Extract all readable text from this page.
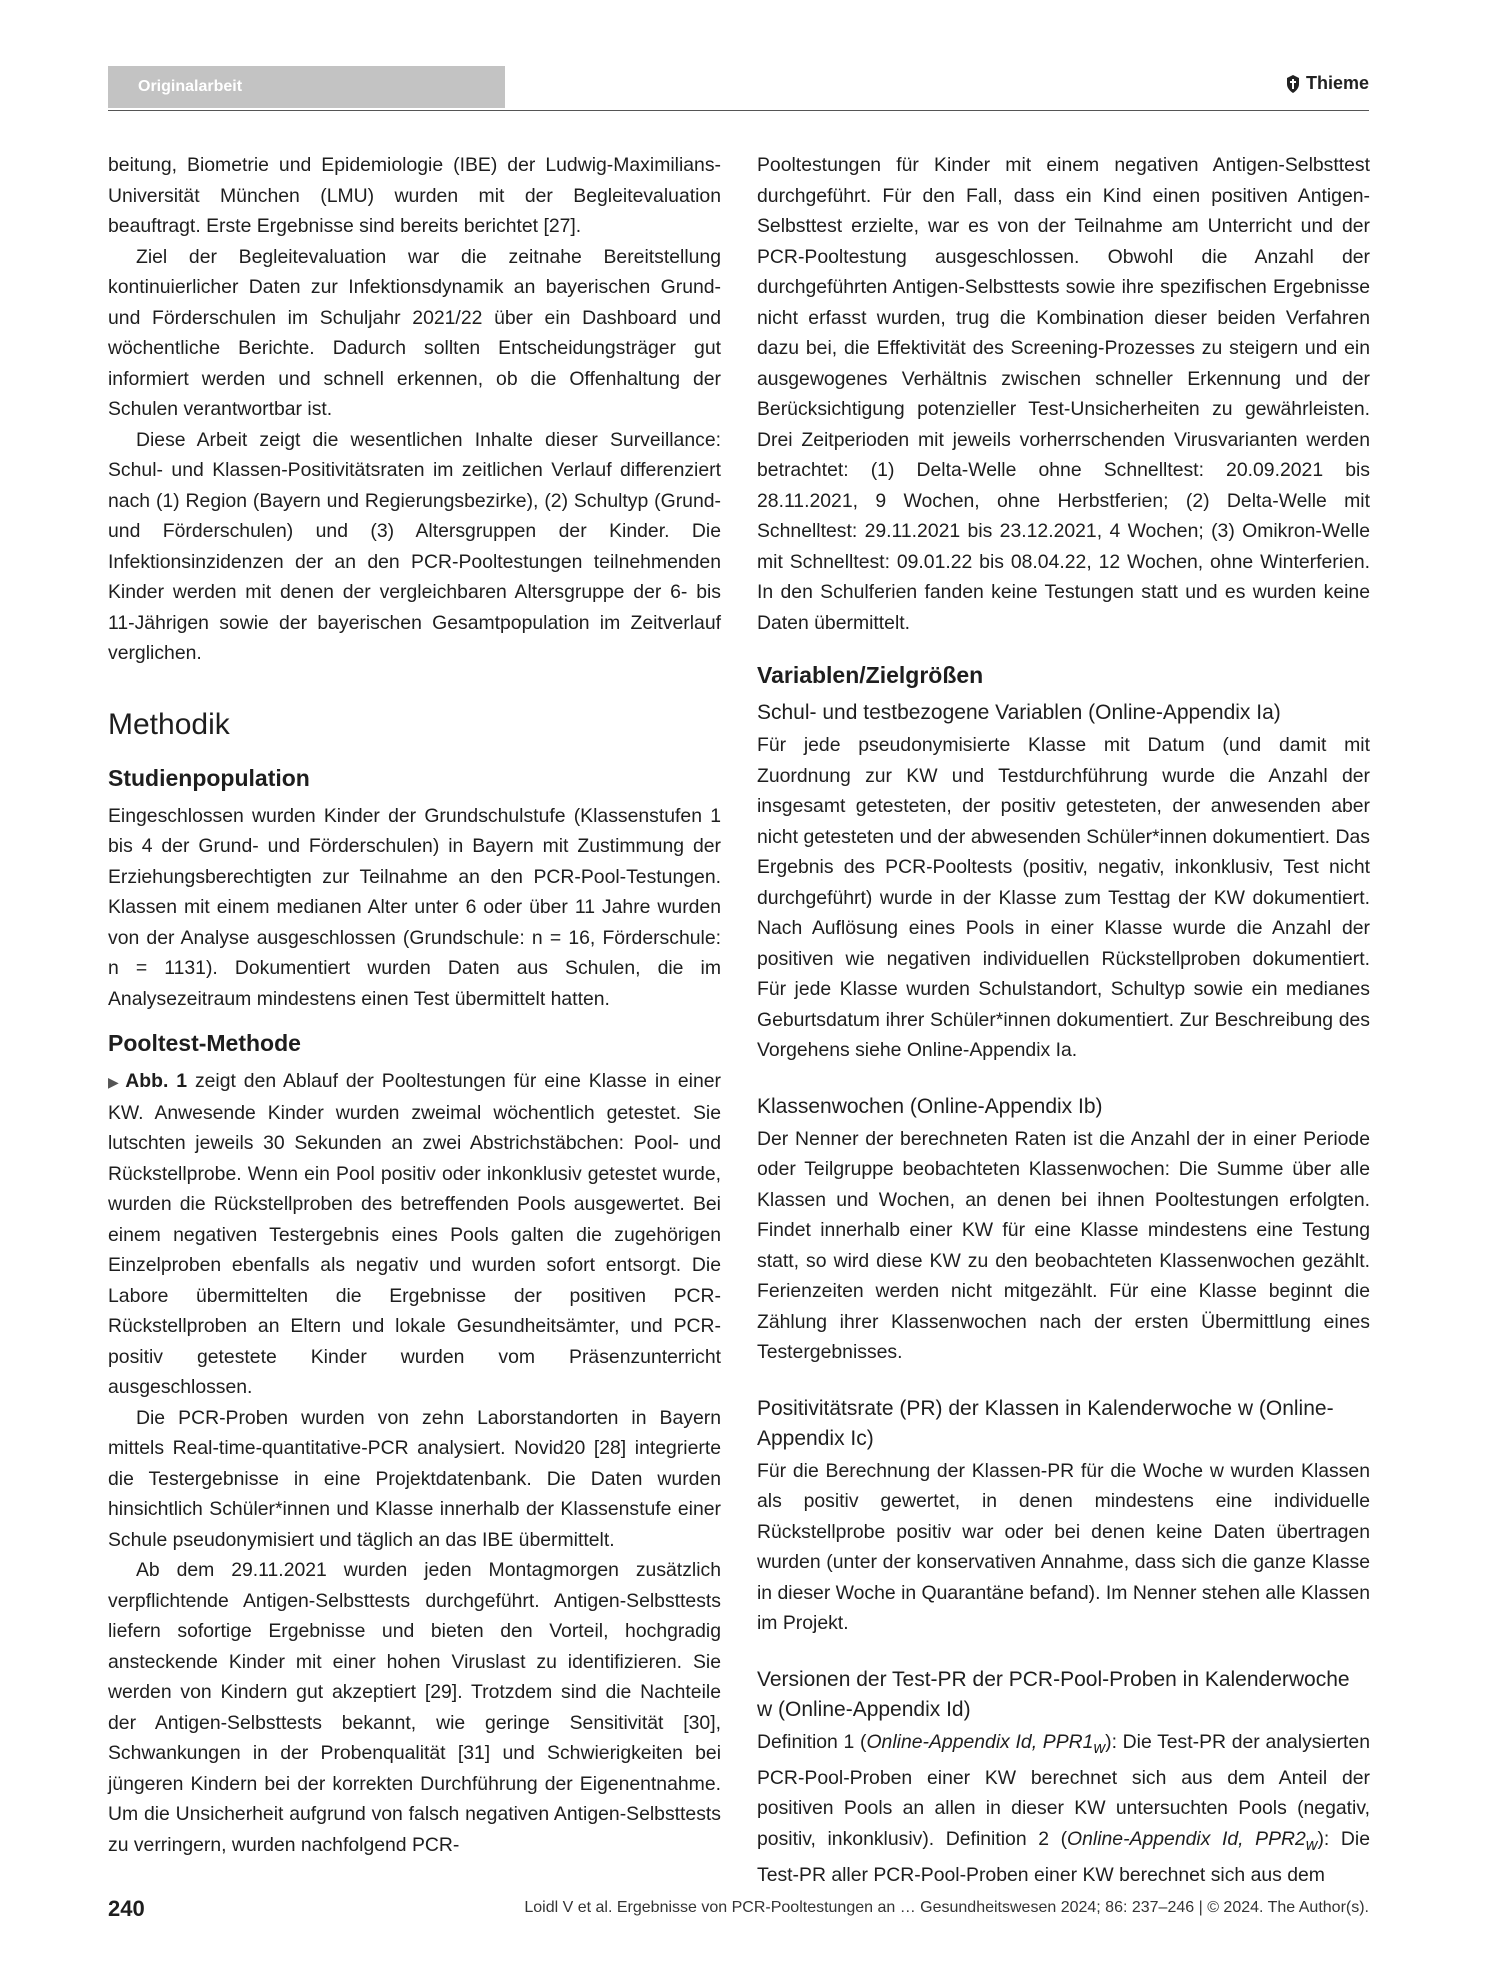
Originalarbeit	Thieme

beitung, Biometrie und Epidemiologie (IBE) der Ludwig-Maximilians-Universität München (LMU) wurden mit der Begleitevaluation beauftragt. Erste Ergebnisse sind bereits berichtet [27].

Ziel der Begleitevaluation war die zeitnahe Bereitstellung kontinuierlicher Daten zur Infektionsdynamik an bayerischen Grund- und Förderschulen im Schuljahr 2021/22 über ein Dashboard und wöchentliche Berichte. Dadurch sollten Entscheidungsträger gut informiert werden und schnell erkennen, ob die Offenhaltung der Schulen verantwortbar ist.

Diese Arbeit zeigt die wesentlichen Inhalte dieser Surveillance: Schul- und Klassen-Positivitätsraten im zeitlichen Verlauf differenziert nach (1) Region (Bayern und Regierungsbezirke), (2) Schultyp (Grund- und Förderschulen) und (3) Altersgruppen der Kinder. Die Infektionsinzidenzen der an den PCR-Pooltestungen teilnehmenden Kinder werden mit denen der vergleichbaren Altersgruppe der 6- bis 11-Jährigen sowie der bayerischen Gesamtpopulation im Zeitverlauf verglichen.

Methodik
Studienpopulation

Eingeschlossen wurden Kinder der Grundschulstufe (Klassenstufen 1 bis 4 der Grund- und Förderschulen) in Bayern mit Zustimmung der Erziehungsberechtigten zur Teilnahme an den PCR-Pool-Testungen. Klassen mit einem medianen Alter unter 6 oder über 11 Jahre wurden von der Analyse ausgeschlossen (Grundschule: n = 16, Förderschule: n = 1131). Dokumentiert wurden Daten aus Schulen, die im Analysezeitraum mindestens einen Test übermittelt hatten.

Pooltest-Methode

▶ Abb. 1 zeigt den Ablauf der Pooltestungen für eine Klasse in einer KW. Anwesende Kinder wurden zweimal wöchentlich getestet. Sie lutschten jeweils 30 Sekunden an zwei Abstrichstäbchen: Pool- und Rückstellprobe. Wenn ein Pool positiv oder inkonklusiv getestet wurde, wurden die Rückstellproben des betreffenden Pools ausgewertet. Bei einem negativen Testergebnis eines Pools galten die zugehörigen Einzelproben ebenfalls als negativ und wurden sofort entsorgt. Die Labore übermittelten die Ergebnisse der positiven PCR-Rückstellproben an Eltern und lokale Gesundheitsämter, und PCR-positiv getestete Kinder wurden vom Präsenzunterricht ausgeschlossen.

Die PCR-Proben wurden von zehn Laborstandorten in Bayern mittels Real-time-quantitative-PCR analysiert. Novid20 [28] integrierte die Testergebnisse in eine Projektdatenbank. Die Daten wurden hinsichtlich Schüler*innen und Klasse innerhalb der Klassenstufe einer Schule pseudonymisiert und täglich an das IBE übermittelt.

Ab dem 29.11.2021 wurden jeden Montagmorgen zusätzlich verpflichtende Antigen-Selbsttests durchgeführt. Antigen-Selbsttests liefern sofortige Ergebnisse und bieten den Vorteil, hochgradig ansteckende Kinder mit einer hohen Viruslast zu identifizieren. Sie werden von Kindern gut akzeptiert [29]. Trotzdem sind die Nachteile der Antigen-Selbsttests bekannt, wie geringe Sensitivität [30], Schwankungen in der Probenqualität [31] und Schwierigkeiten bei jüngeren Kindern bei der korrekten Durchführung der Eigenentnahme. Um die Unsicherheit aufgrund von falsch negativen Antigen-Selbsttests zu verringern, wurden nachfolgend PCR-

Pooltestungen für Kinder mit einem negativen Antigen-Selbsttest durchgeführt. Für den Fall, dass ein Kind einen positiven Antigen-Selbsttest erzielte, war es von der Teilnahme am Unterricht und der PCR-Pooltestung ausgeschlossen. Obwohl die Anzahl der durchgeführten Antigen-Selbsttests sowie ihre spezifischen Ergebnisse nicht erfasst wurden, trug die Kombination dieser beiden Verfahren dazu bei, die Effektivität des Screening-Prozesses zu steigern und ein ausgewogenes Verhältnis zwischen schneller Erkennung und der Berücksichtigung potenzieller Test-Unsicherheiten zu gewährleisten. Drei Zeitperioden mit jeweils vorherrschenden Virusvarianten werden betrachtet: (1) Delta-Welle ohne Schnelltest: 20.09.2021 bis 28.11.2021, 9 Wochen, ohne Herbstferien; (2) Delta-Welle mit Schnelltest: 29.11.2021 bis 23.12.2021, 4 Wochen; (3) Omikron-Welle mit Schnelltest: 09.01.22 bis 08.04.22, 12 Wochen, ohne Winterferien. In den Schulferien fanden keine Testungen statt und es wurden keine Daten übermittelt.

Variablen/Zielgrößen
Schul- und testbezogene Variablen (Online-Appendix Ia)

Für jede pseudonymisierte Klasse mit Datum (und damit mit Zuordnung zur KW und Testdurchführung wurde die Anzahl der insgesamt getesteten, der positiv getesteten, der anwesenden aber nicht getesteten und der abwesenden Schüler*innen dokumentiert. Das Ergebnis des PCR-Pooltests (positiv, negativ, inkonklusiv, Test nicht durchgeführt) wurde in der Klasse zum Testtag der KW dokumentiert. Nach Auflösung eines Pools in einer Klasse wurde die Anzahl der positiven wie negativen individuellen Rückstellproben dokumentiert. Für jede Klasse wurden Schulstandort, Schultyp sowie ein medianes Geburtsdatum ihrer Schüler*innen dokumentiert. Zur Beschreibung des Vorgehens siehe Online-Appendix Ia.

Klassenwochen (Online-Appendix Ib)

Der Nenner der berechneten Raten ist die Anzahl der in einer Periode oder Teilgruppe beobachteten Klassenwochen: Die Summe über alle Klassen und Wochen, an denen bei ihnen Pooltestungen erfolgten. Findet innerhalb einer KW für eine Klasse mindestens eine Testung statt, so wird diese KW zu den beobachteten Klassenwochen gezählt. Ferienzeiten werden nicht mitgezählt. Für eine Klasse beginnt die Zählung ihrer Klassenwochen nach der ersten Übermittlung eines Testergebnisses.

Positivitätsrate (PR) der Klassen in Kalenderwoche w (Online-Appendix Ic)

Für die Berechnung der Klassen-PR für die Woche w wurden Klassen als positiv gewertet, in denen mindestens eine individuelle Rückstellprobe positiv war oder bei denen keine Daten übertragen wurden (unter der konservativen Annahme, dass sich die ganze Klasse in dieser Woche in Quarantäne befand). Im Nenner stehen alle Klassen im Projekt.

Versionen der Test-PR der PCR-Pool-Proben in Kalenderwoche w (Online-Appendix Id)

Definition 1 (Online-Appendix Id, $PPR1_w$): Die Test-PR der analysierten PCR-Pool-Proben einer KW berechnet sich aus dem Anteil der positiven Pools an allen in dieser KW untersuchten Pools (negativ, positiv, inkonklusiv). Definition 2 (Online-Appendix Id, $PPR2_w$): Die Test-PR aller PCR-Pool-Proben einer KW berechnet sich aus dem

240	Loidl V et al. Ergebnisse von PCR-Pooltestungen an … Gesundheitswesen 2024; 86: 237–246 | © 2024. The Author(s).
